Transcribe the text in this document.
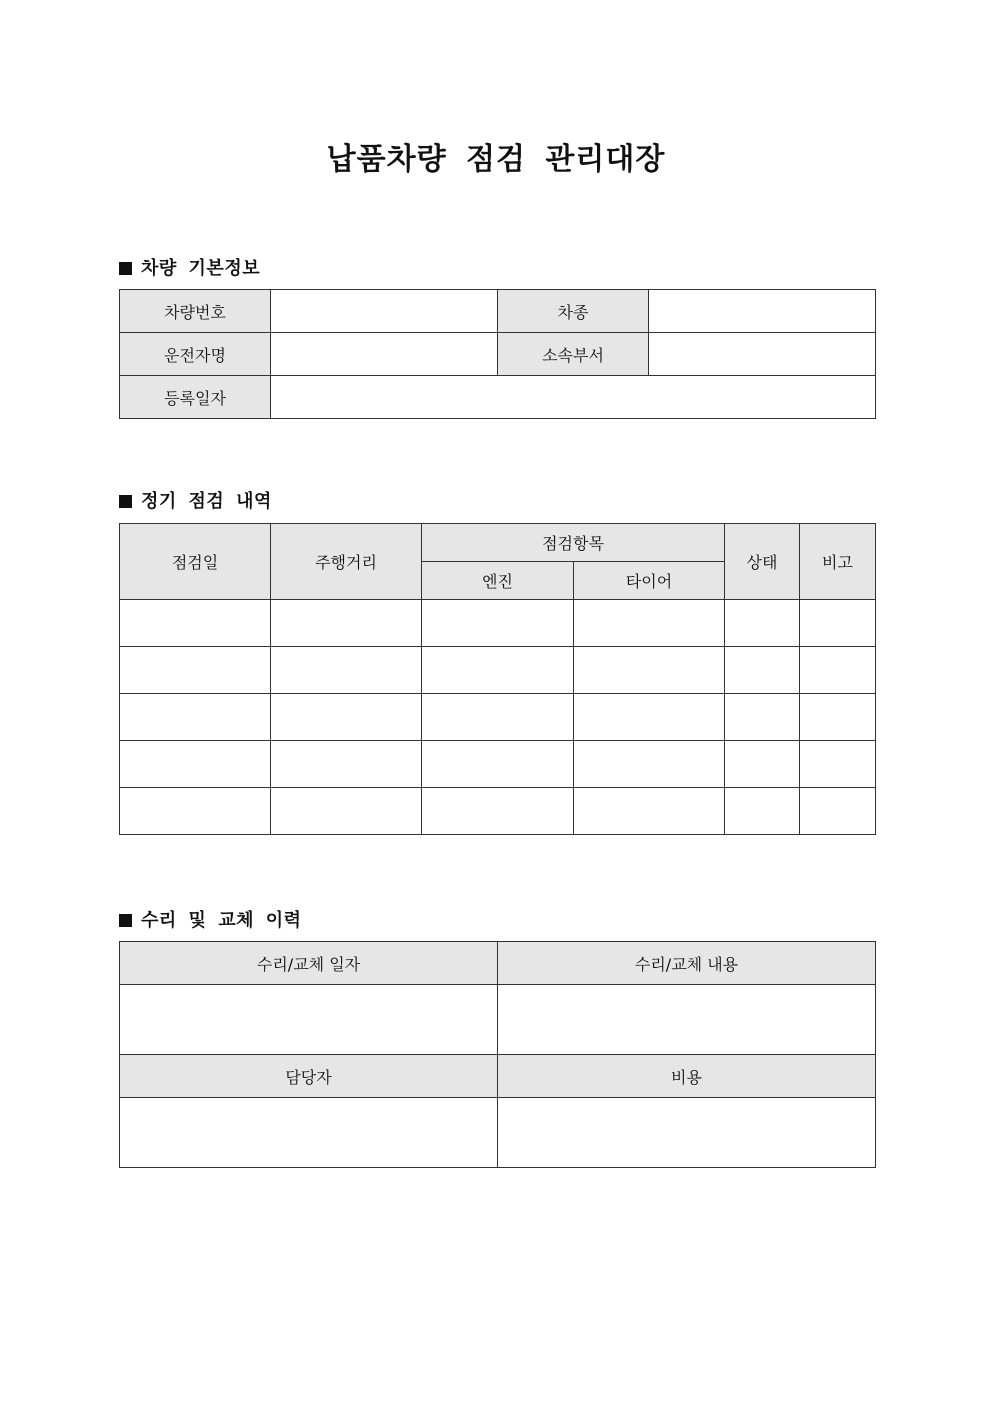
납품차량 점검 관리대장
차량 기본정보
차량번호		차종	
운전자명		소속부서	
등록일자			
정기 점검 내역
점검일	주행거리	점검항목		상태	비고
		엔진	타이어		

수리 및 교체 이력
수리/교체 일자	수리/교체 내용

담당자	비용
